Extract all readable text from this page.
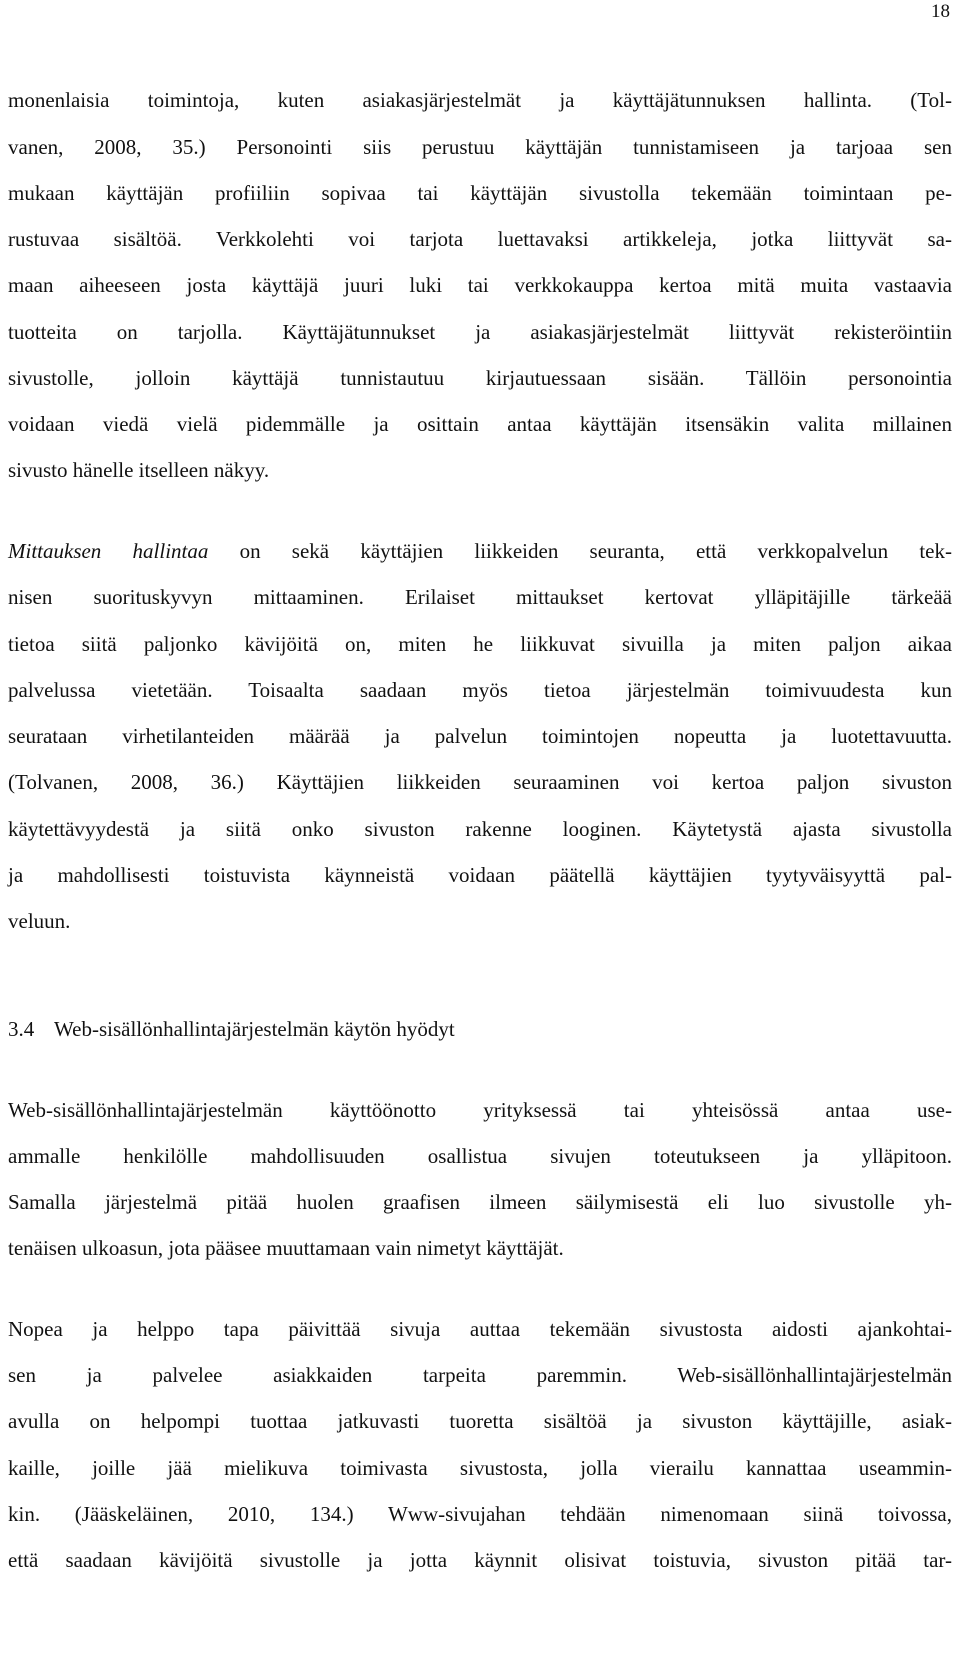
18
monenlaisia toimintoja, kuten asiakasjärjestelmät ja käyttäjätunnuksen hallinta. (Tol-
vanen, 2008, 35.) Personointi siis perustuu käyttäjän tunnistamiseen ja tarjoaa sen
mukaan käyttäjän profiiliin sopivaa tai käyttäjän sivustolla tekemään toimintaan pe-
rustuvaa sisältöä. Verkkolehti voi tarjota luettavaksi artikkeleja, jotka liittyvät sa-
maan aiheeseen josta käyttäjä juuri luki tai verkkokauppa kertoa mitä muita vastaavia
tuotteita on tarjolla. Käyttäjätunnukset ja asiakasjärjestelmät liittyvät rekisteröintiin
sivustolle, jolloin käyttäjä tunnistautuu kirjautuessaan sisään. Tällöin personointia
voidaan viedä vielä pidemmälle ja osittain antaa käyttäjän itsensäkin valita millainen
sivusto hänelle itselleen näkyy.
Mittauksen hallintaa on sekä käyttäjien liikkeiden seuranta, että verkkopalvelun tek-
nisen suorituskyvyn mittaaminen. Erilaiset mittaukset kertovat ylläpitäjille tärkeää
tietoa siitä paljonko kävijöitä on, miten he liikkuvat sivuilla ja miten paljon aikaa
palvelussa vietetään. Toisaalta saadaan myös tietoa järjestelmän toimivuudesta kun
seurataan virhetilanteiden määrää ja palvelun toimintojen nopeutta ja luotettavuutta.
(Tolvanen, 2008, 36.) Käyttäjien liikkeiden seuraaminen voi kertoa paljon sivuston
käytettävyydestä ja siitä onko sivuston rakenne looginen. Käytetystä ajasta sivustolla
ja mahdollisesti toistuvista käynneistä voidaan päätellä käyttäjien tyytyväisyyttä pal-
veluun.
3.4 Web-sisällönhallintajärjestelmän käytön hyödyt
Web-sisällönhallintajärjestelmän käyttöönotto yrityksessä tai yhteisössä antaa use-
ammalle henkilölle mahdollisuuden osallistua sivujen toteutukseen ja ylläpitoon.
Samalla järjestelmä pitää huolen graafisen ilmeen säilymisestä eli luo sivustolle yh-
tenäisen ulkoasun, jota pääsee muuttamaan vain nimetyt käyttäjät.
Nopea ja helppo tapa päivittää sivuja auttaa tekemään sivustosta aidosti ajankohtai-
sen ja palvelee asiakkaiden tarpeita paremmin. Web-sisällönhallintajärjestelmän
avulla on helpompi tuottaa jatkuvasti tuoretta sisältöä ja sivuston käyttäjille, asiak-
kaille, joille jää mielikuva toimivasta sivustosta, jolla vierailu kannattaa useammin-
kin. (Jääskeläinen, 2010, 134.) Www-sivujahan tehdään nimenomaan siinä toivossa,
että saadaan kävijöitä sivustolle ja jotta käynnit olisivat toistuvia, sivuston pitää tar-
